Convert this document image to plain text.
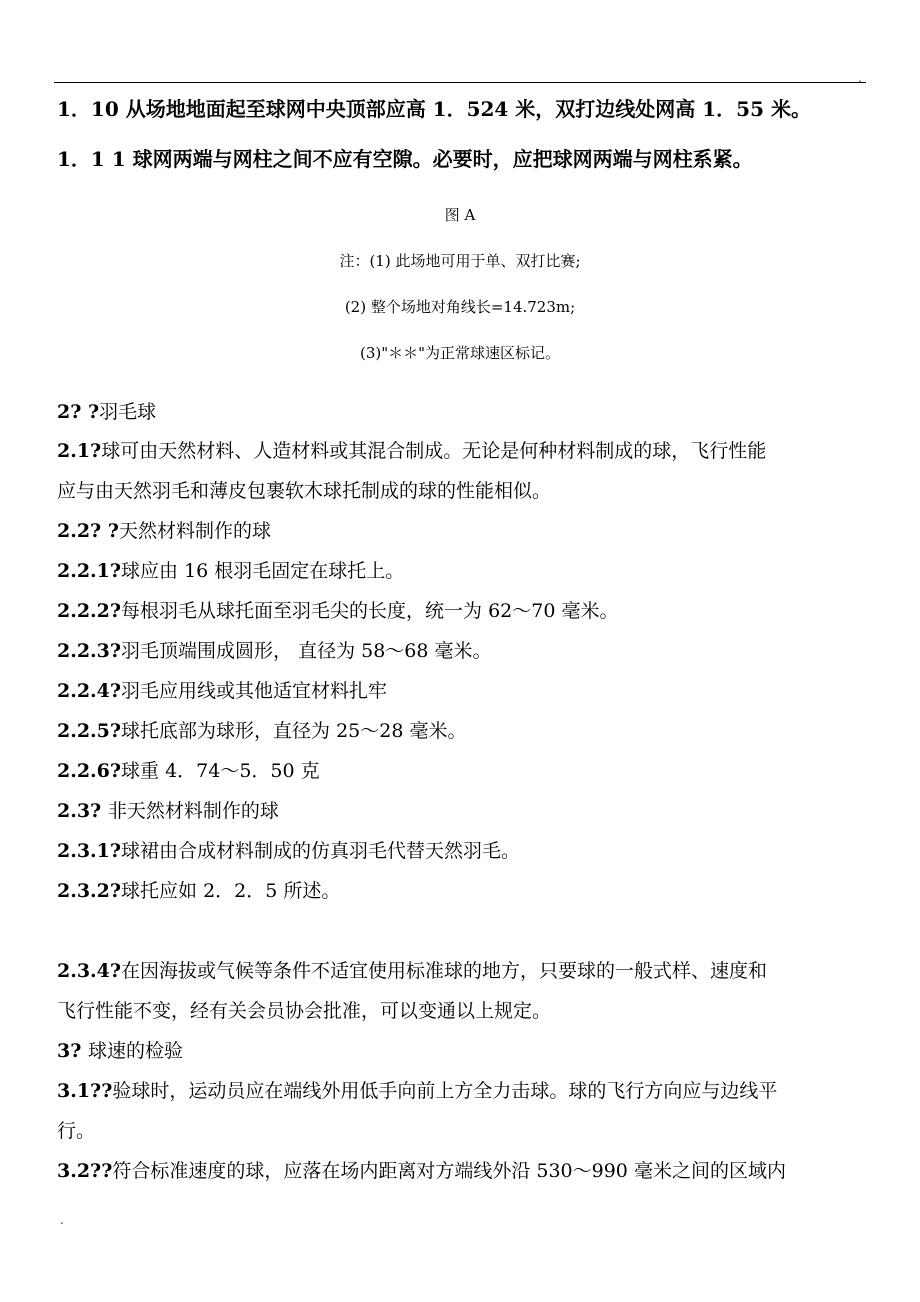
.
1．10 从场地地面起至球网中央顶部应高 1．524 米，双打边线处网高 1．55 米。
1．1 1 球网两端与网柱之间不应有空隙。必要时，应把球网两端与网柱系紧。
图 A
注：(1) 此场地可用于单、双打比赛;
(2) 整个场地对角线长=14.723m;
(3)"＊＊"为正常球速区标记。
2? ?羽毛球
2.1?球可由天然材料、人造材料或其混合制成。无论是何种材料制成的球，飞行性能
应与由天然羽毛和薄皮包裹软木球托制成的球的性能相似。
2.2? ?天然材料制作的球
2.2.1?球应由 16 根羽毛固定在球托上。
2.2.2?每根羽毛从球托面至羽毛尖的长度，统一为 62～70 毫米。
2.2.3?羽毛顶端围成圆形， 直径为 58～68 毫米。
2.2.4?羽毛应用线或其他适宜材料扎牢
2.2.5?球托底部为球形，直径为 25～28 毫米。
2.2.6?球重 4．74～5．50 克
2.3? 非天然材料制作的球
2.3.1?球裙由合成材料制成的仿真羽毛代替天然羽毛。
2.3.2?球托应如 2．2．5 所述。
2.3.4?在因海拔或气候等条件不适宜使用标准球的地方，只要球的一般式样、速度和
飞行性能不变，经有关会员协会批准，可以变通以上规定。
3? 球速的检验
3.1??验球时，运动员应在端线外用低手向前上方全力击球。球的飞行方向应与边线平
行。
3.2??符合标准速度的球，应落在场内距离对方端线外沿 530～990 毫米之间的区域内
.
